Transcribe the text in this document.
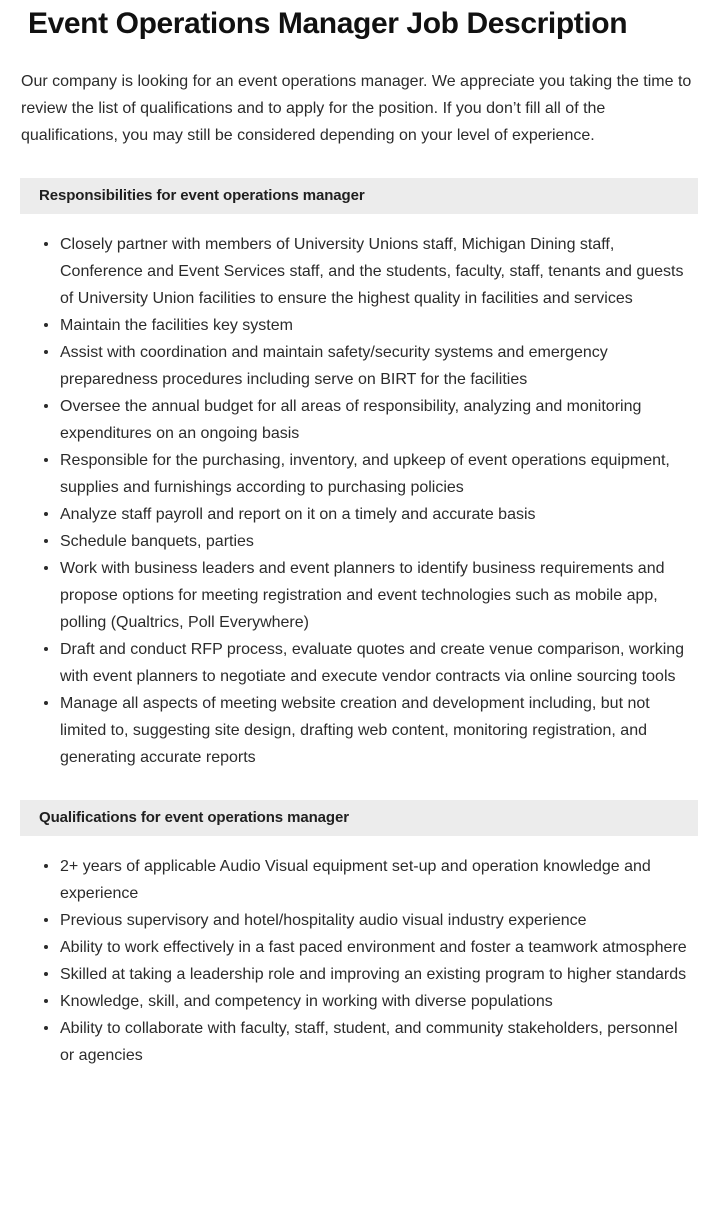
Event Operations Manager Job Description

Our company is looking for an event operations manager. We appreciate you taking the time to review the list of qualifications and to apply for the position. If you don’t fill all of the qualifications, you may still be considered depending on your level of experience.

Responsibilities for event operations manager
Closely partner with members of University Unions staff, Michigan Dining staff, Conference and Event Services staff, and the students, faculty, staff, tenants and guests of University Union facilities to ensure the highest quality in facilities and services
Maintain the facilities key system
Assist with coordination and maintain safety/security systems and emergency preparedness procedures including serve on BIRT for the facilities
Oversee the annual budget for all areas of responsibility, analyzing and monitoring expenditures on an ongoing basis
Responsible for the purchasing, inventory, and upkeep of event operations equipment, supplies and furnishings according to purchasing policies
Analyze staff payroll and report on it on a timely and accurate basis
Schedule banquets, parties
Work with business leaders and event planners to identify business requirements and propose options for meeting registration and event technologies such as mobile app, polling (Qualtrics, Poll Everywhere)
Draft and conduct RFP process, evaluate quotes and create venue comparison, working with event planners to negotiate and execute vendor contracts via online sourcing tools
Manage all aspects of meeting website creation and development including, but not limited to, suggesting site design, drafting web content, monitoring registration, and generating accurate reports
Qualifications for event operations manager
2+ years of applicable Audio Visual equipment set-up and operation knowledge and experience
Previous supervisory and hotel/hospitality audio visual industry experience
Ability to work effectively in a fast paced environment and foster a teamwork atmosphere
Skilled at taking a leadership role and improving an existing program to higher standards
Knowledge, skill, and competency in working with diverse populations
Ability to collaborate with faculty, staff, student, and community stakeholders, personnel or agencies
